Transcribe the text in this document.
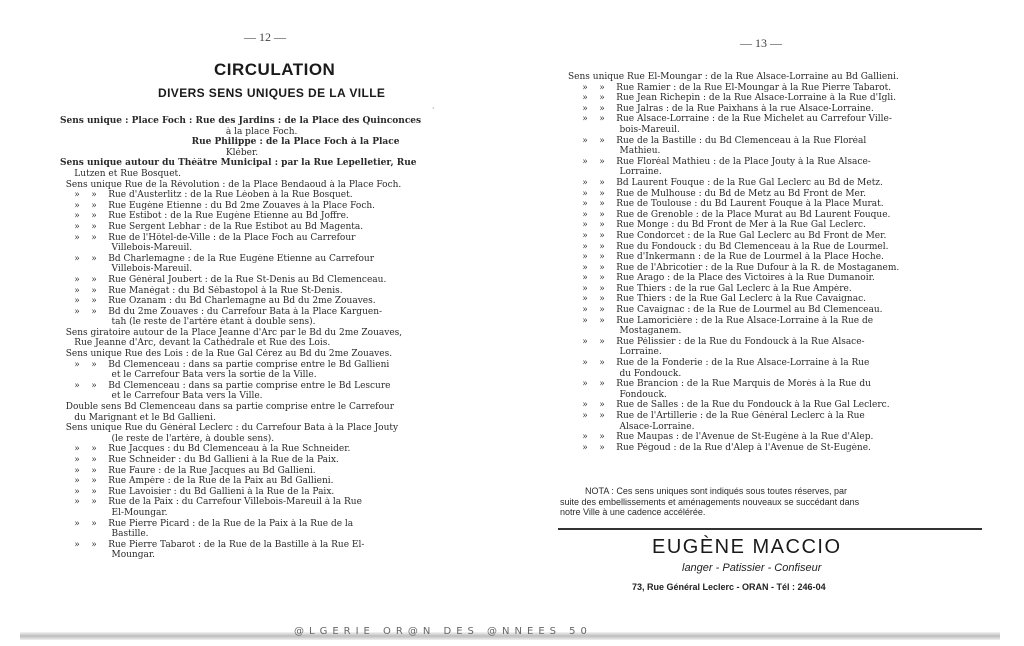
— 12 —
CIRCULATION
DIVERS SENS UNIQUES DE LA VILLE
·
Sens unique : Place Foch : Rue des Jardins : de la Place des Quinconces
à la place Foch.
Rue Philippe : de la Place Foch à la Place
Kléber.
Sens unique autour du Théâtre Municipal : par la Rue Lepelletier, Rue
Lutzen et Rue Bosquet.
Sens unique Rue de la Révolution : de la Place Bendaoud à la Place Foch.
»    »    Rue d'Austerlitz : de la Rue Léoben à la Rue Bosquet.
»    »    Rue Eugène Etienne : du Bd 2me Zouaves à la Place Foch.
»    »    Rue Estibot : de la Rue Eugène Etienne au Bd Joffre.
»    »    Rue Sergent Lebhar : de la Rue Estibot au Bd Magenta.
»    »    Rue de l'Hôtel-de-Ville : de la Place Foch au Carrefour
Villebois-Mareuil.
»    »    Bd Charlemagne : de la Rue Eugène Etienne au Carrefour
Villebois-Mareuil.
»    »    Rue Général Joubert : de la Rue St-Denis au Bd Clemenceau.
»    »    Rue Manégat : du Bd Sébastopol à la Rue St-Denis.
»    »    Rue Ozanam : du Bd Charlemagne au Bd du 2me Zouaves.
»    »    Bd du 2me Zouaves : du Carrefour Bata à la Place Karguen-
tah (le reste de l'artère étant à double sens).
Sens giratoire autour de la Place Jeanne d'Arc par le Bd du 2me Zouaves,
Rue Jeanne d'Arc, devant la Cathédrale et Rue des Lois.
Sens unique Rue des Lois : de la Rue Gal Cérez au Bd du 2me Zouaves.
»    »    Bd Clemenceau : dans sa partie comprise entre le Bd Gallieni
et le Carrefour Bata vers la sortie de la Ville.
»    »    Bd Clemenceau : dans sa partie comprise entre le Bd Lescure
et le Carrefour Bata vers la Ville.
Double sens Bd Clemenceau dans sa partie comprise entre le Carrefour
du Marignant et le Bd Gallieni.
Sens unique Rue du Général Leclerc : du Carrefour Bata à la Place Jouty
(le reste de l'artère, à double sens).
»    »    Rue Jacques : du Bd Clemenceau à la Rue Schneider.
»    »    Rue Schneider : du Bd Gallieni à la Rue de la Paix.
»    »    Rue Faure : de la Rue Jacques au Bd Gallieni.
»    »    Rue Ampère : de la Rue de la Paix au Bd Gallieni.
»    »    Rue Lavoisier : du Bd Gallieni à la Rue de la Paix.
»    »    Rue de la Paix : du Carrefour Villebois-Mareuil à la Rue
El-Moungar.
»    »    Rue Pierre Picard : de la Rue de la Paix à la Rue de la
Bastille.
»    »    Rue Pierre Tabarot : de la Rue de la Bastille à la Rue El-
Moungar.
— 13 —
Sens unique Rue El-Moungar : de la Rue Alsace-Lorraine au Bd Gallieni.
»    »    Rue Ramier : de la Rue El-Moungar à la Rue Pierre Tabarot.
»    »    Rue Jean Richepin : de la Rue Alsace-Lorraine à la Rue d'Igli.
»    »    Rue Jalras : de la Rue Paixhans à la rue Alsace-Lorraine.
»    »    Rue Alsace-Lorraine : de la Rue Michelet au Carrefour Ville-
bois-Mareuil.
»    »    Rue de la Bastille : du Bd Clemenceau à la Rue Floréal
Mathieu.
»    »    Rue Floréal Mathieu : de la Place Jouty à la Rue Alsace-
Lorraine.
»    »    Bd Laurent Fouque : de la Rue Gal Leclerc au Bd de Metz.
»    »    Rue de Mulhouse : du Bd de Metz au Bd Front de Mer.
»    »    Rue de Toulouse : du Bd Laurent Fouque à la Place Murat.
»    »    Rue de Grenoble : de la Place Murat au Bd Laurent Fouque.
»    »    Rue Monge : du Bd Front de Mer à la Rue Gal Leclerc.
»    »    Rue Condorcet : de la Rue Gal Leclerc au Bd Front de Mer.
»    »    Rue du Fondouck : du Bd Clemenceau à la Rue de Lourmel.
»    »    Rue d'Inkermann : de la Rue de Lourmel à la Place Hoche.
»    »    Rue de l'Abricotier : de la Rue Dufour à la R. de Mostaganem.
»    »    Rue Arago : de la Place des Victoires à la Rue Dumanoir.
»    »    Rue Thiers : de la rue Gal Leclerc à la Rue Ampère.
»    »    Rue Thiers : de la Rue Gal Leclerc à la Rue Cavaignac.
»    »    Rue Cavaignac : de la Rue de Lourmel au Bd Clemenceau.
»    »    Rue Lamoricière : de la Rue Alsace-Lorraine à la Rue de
Mostaganem.
»    »    Rue Pélissier : de la Rue du Fondouck à la Rue Alsace-
Lorraine.
»    »    Rue de la Fonderie : de la Rue Alsace-Lorraine à la Rue
du Fondouck.
»    »    Rue Brancion : de la Rue Marquis de Morès à la Rue du
Fondouck.
»    »    Rue de Salles : de la Rue du Fondouck à la Rue Gal Leclerc.
»    »    Rue de l'Artillerie : de la Rue Général Leclerc à la Rue
Alsace-Lorraine.
»    »    Rue Maupas : de l'Avenue de St-Eugène à la Rue d'Alep.
»    »    Rue Pégoud : de la Rue d'Alep à l'Avenue de St-Eugène.
NOTA : Ces sens uniques sont indiqués sous toutes réserves, par
suite des embellissements et aménagements nouveaux se succédant dans
notre Ville à une cadence accélérée.
EUGÈNE MACCIO
langer - Patissier - Confiseur
73, Rue Général Leclerc - ORAN - Tél : 246-04
@LGERIE OR@N DES @NNEES 50
